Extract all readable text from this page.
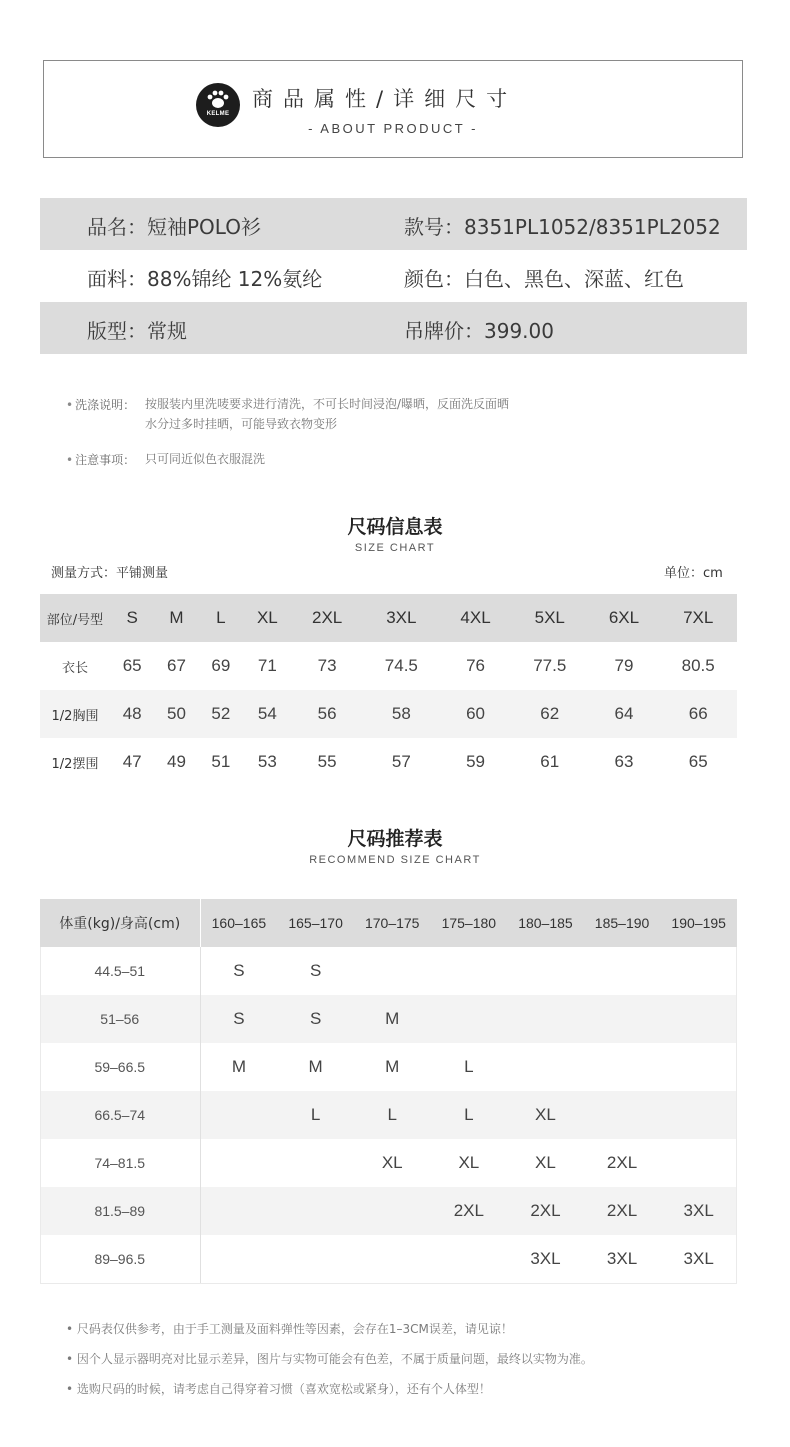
KELME
商品属性/详细尺寸
- ABOUT PRODUCT -
品名：短袖POLO衫	款号：8351PL1052/8351PL2052
面料：88%锦纶 12%氨纶	颜色：白色、黑色、深蓝、红色
版型：常规	吊牌价：399.00
• 洗涤说明： 按服装内里洗唛要求进行清洗，不可长时间浸泡/曝晒，反面洗反面晒
水分过多时挂晒，可能导致衣物变形
• 注意事项： 只可同近似色衣服混洗
尺码信息表
SIZE CHART
测量方式：平铺测量	单位：cm
部位/号型	S	M	L	XL	2XL	3XL	4XL	5XL	6XL	7XL
衣长	65	67	69	71	73	74.5	76	77.5	79	80.5
1/2胸围	48	50	52	54	56	58	60	62	64	66
1/2摆围	47	49	51	53	55	57	59	61	63	65
尺码推荐表
RECOMMEND SIZE CHART
体重(kg)/身高(cm)	160–165	165–170	170–175	175–180	180–185	185–190	190–195
44.5–51	S	S					
51–56	S	S	M				
59–66.5	M	M	M	L			
66.5–74		L	L	L	XL		
74–81.5			XL	XL	XL	2XL	
81.5–89				2XL	2XL	2XL	3XL
89–96.5					3XL	3XL	3XL
• 尺码表仅供参考，由于手工测量及面料弹性等因素，会存在1–3CM误差，请见谅！
• 因个人显示器明亮对比显示差异，图片与实物可能会有色差，不属于质量问题，最终以实物为准。
• 选购尺码的时候，请考虑自己得穿着习惯（喜欢宽松或紧身），还有个人体型！
